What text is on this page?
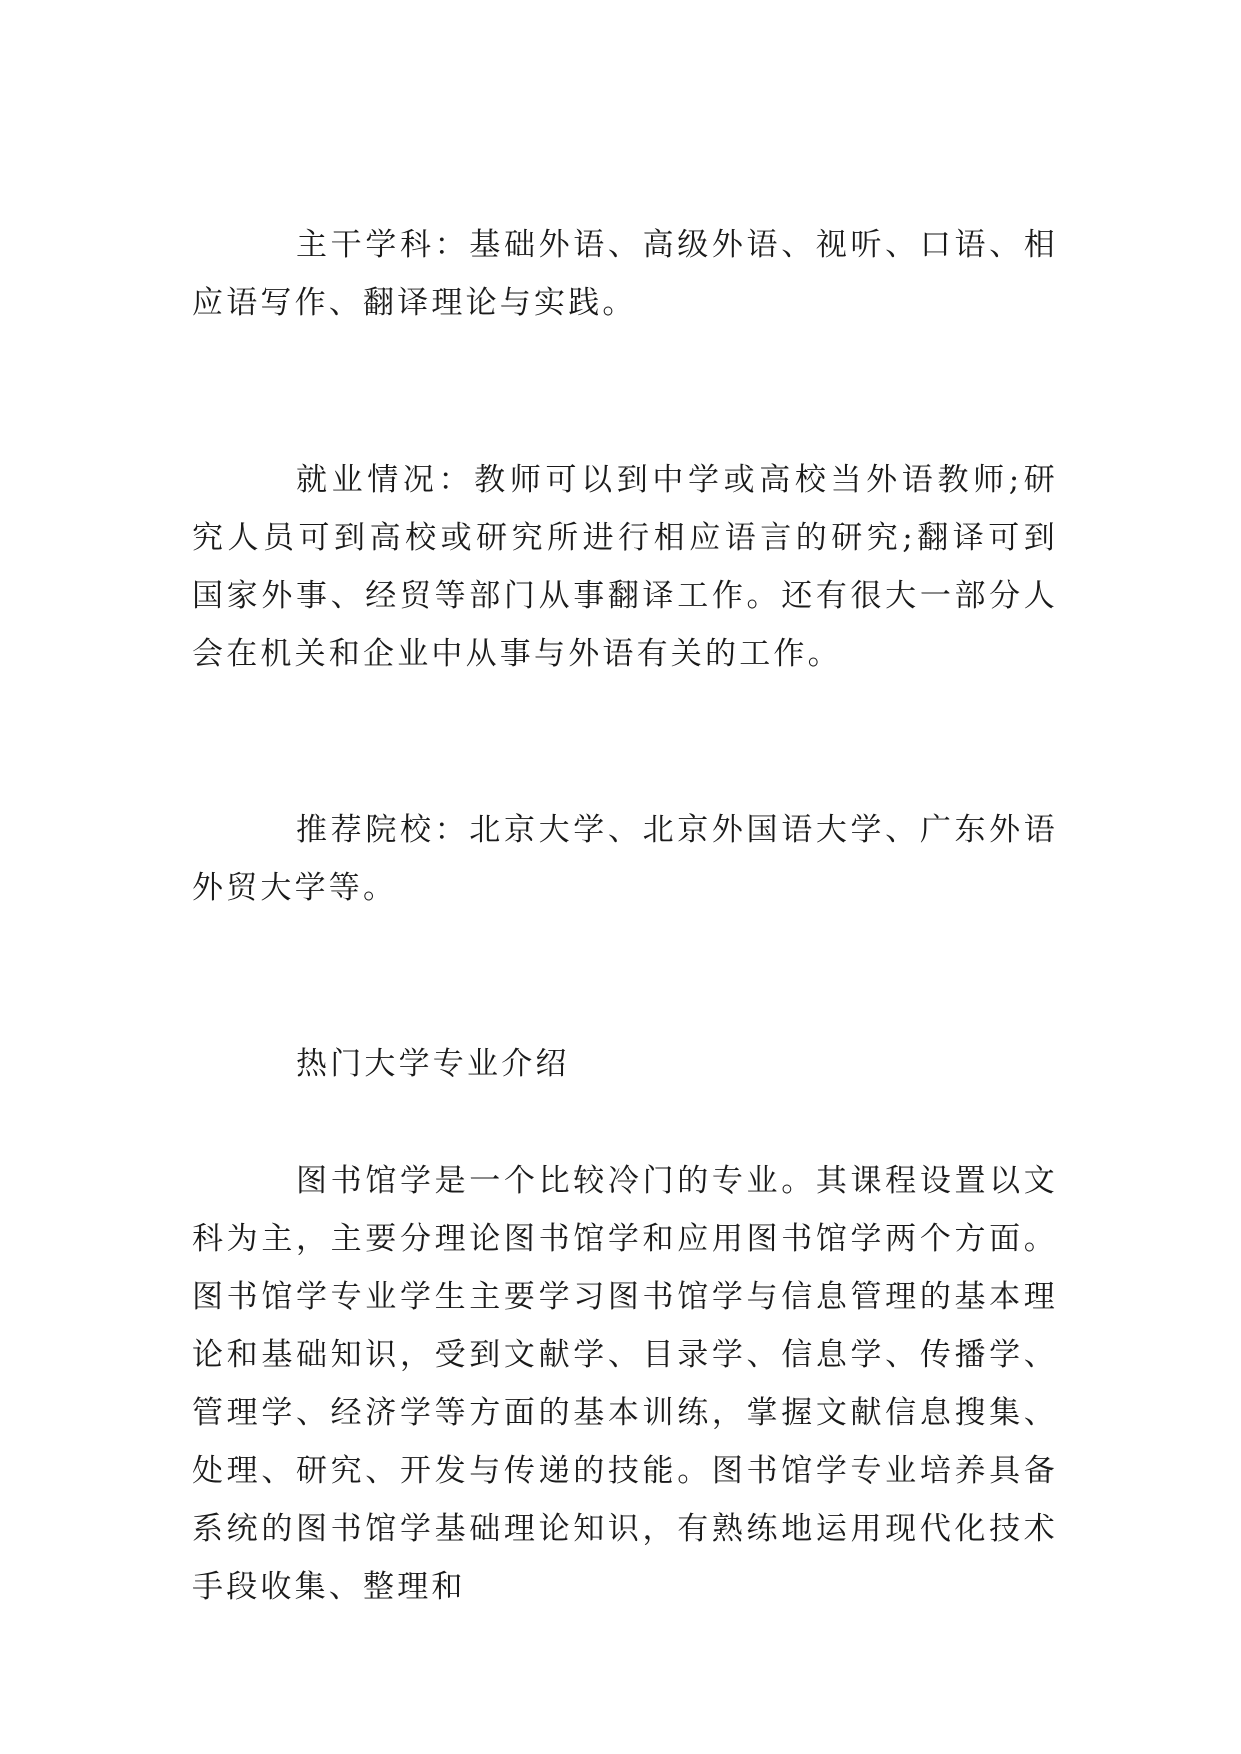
主干学科：基础外语、高级外语、视听、口语、相应语写作、翻译理论与实践。

就业情况：教师可以到中学或高校当外语教师;研究人员可到高校或研究所进行相应语言的研究;翻译可到国家外事、经贸等部门从事翻译工作。还有很大一部分人会在机关和企业中从事与外语有关的工作。

推荐院校：北京大学、北京外国语大学、广东外语外贸大学等。

热门大学专业介绍

图书馆学是一个比较冷门的专业。其课程设置以文科为主，主要分理论图书馆学和应用图书馆学两个方面。图书馆学专业学生主要学习图书馆学与信息管理的基本理论和基础知识，受到文献学、目录学、信息学、传播学、管理学、经济学等方面的基本训练，掌握文献信息搜集、处理、研究、开发与传递的技能。图书馆学专业培养具备系统的图书馆学基础理论知识，有熟练地运用现代化技术手段收集、整理和
